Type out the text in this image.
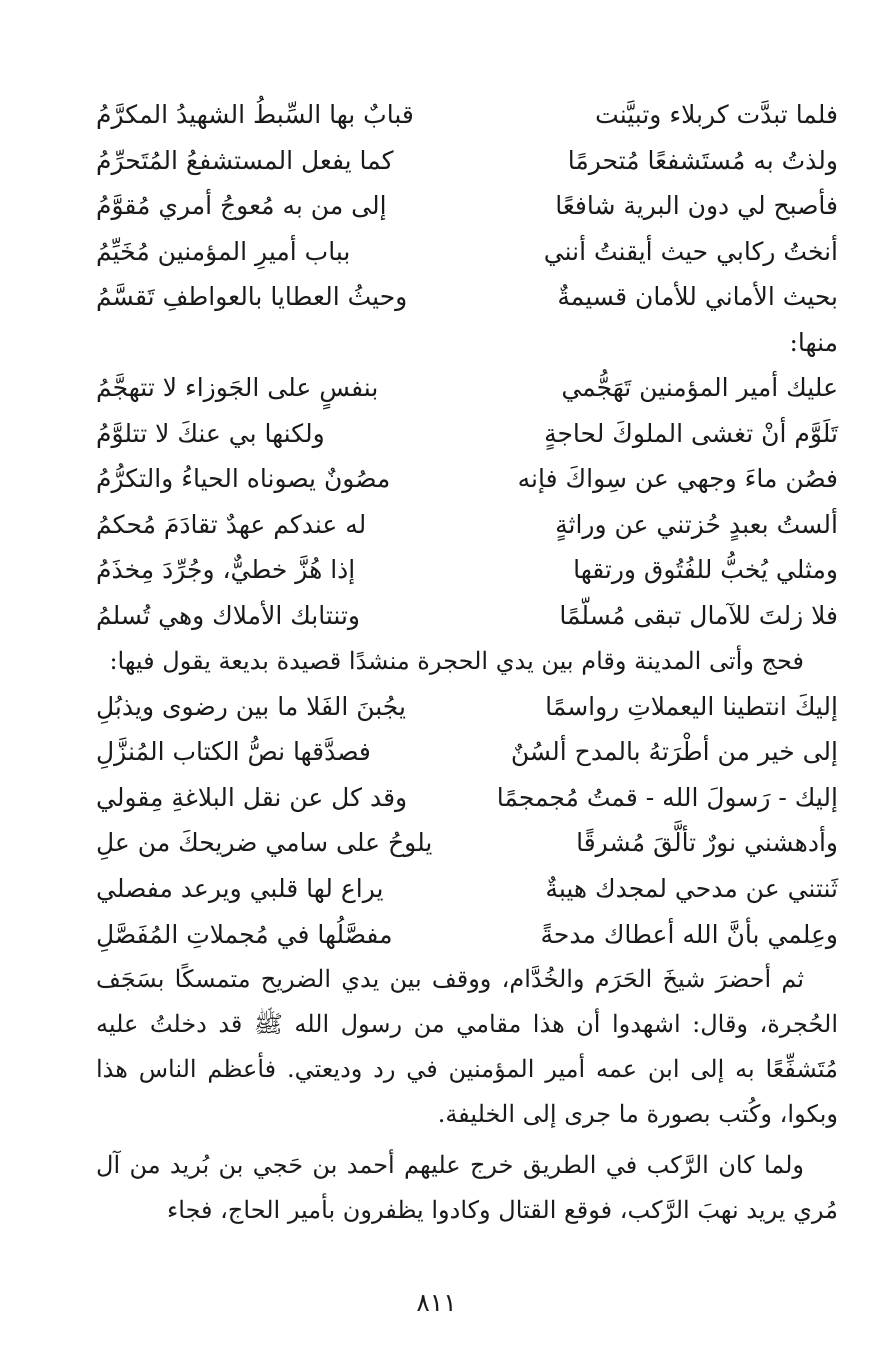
فلما تبدَّت كربلاء وتبيَّنت
قبابٌ بها السِّبطُ الشهيدُ المكرَّمُ
ولذتُ به مُستَشفعًا مُتحرمًا
كما يفعل المستشفعُ المُتَحرِّمُ
فأصبح لي دون البرية شافعًا
إلى من به مُعوجُ أمري مُقوَّمُ
أنختُ ركابي حيث أيقنتُ أنني
بباب أميرِ المؤمنين مُخَيِّمُ
بحيث الأماني للأمان قسيمةٌ
وحيثُ العطايا بالعواطفِ تَقسَّمُ
منها:
عليك أمير المؤمنين تَهَجُّمي
بنفسٍ على الجَوزاء لا تتهجَّمُ
تَلَوَّم أنْ تغشى الملوكَ لحاجةٍ
ولكنها بي عنكَ لا تتلوَّمُ
فصُن ماءَ وجهي عن سِواكَ فإنه
مصُونٌ يصوناه الحياءُ والتكرُّمُ
ألستُ بعبدٍ حُزتني عن وراثةٍ
له عندكم عهدٌ تقادَمَ مُحكمُ
ومثلي يُخبُّ للفُتُوق ورتقها
إذا هُزَّ خطيٌّ، وجُرِّدَ مِخذَمُ
فلا زلتَ للآمال تبقى مُسلّمًا
وتنتابك الأملاك وهي تُسلمُ

فحج وأتى المدينة وقام بين يدي الحجرة منشدًا قصيدة بديعة يقول فيها:

إليكَ انتطينا اليعملاتِ رواسمًا
يجُبنَ الفَلا ما بين رضوى ويذبُلِ
إلى خير من أطْرَتهُ بالمدح ألسُنٌ
فصدَّقها نصُّ الكتاب المُنزَّلِ
إليك - رَسولَ الله - قمتُ مُجمجمًا
وقد كل عن نقل البلاغةِ مِقولي
وأدهشني نورٌ تألَّقَ مُشرقًا
يلوحُ على سامي ضريحكَ من علِ
ثَنتني عن مدحي لمجدك هيبةٌ
يراع لها قلبي ويرعد مفصلي
وعِلمي بأنَّ الله أعطاك مدحةً
مفصَّلُها في مُجملاتِ المُفَصَّلِ

ثم أحضرَ شيخَ الحَرَم والخُدَّام، ووقف بين يدي الضريح متمسكًا بسَجَف الحُجرة، وقال: اشهدوا أن هذا مقامي من رسول الله ﷺ قد دخلتُ عليه مُتَشفِّعًا به إلى ابن عمه أمير المؤمنين في رد وديعتي. فأعظم الناس هذا وبكوا، وكُتب بصورة ما جرى إلى الخليفة.

ولما كان الرَّكب في الطريق خرج عليهم أحمد بن حَجي بن بُريد من آل مُري يريد نهبَ الرَّكب، فوقع القتال وكادوا يظفرون بأمير الحاج، فجاء

٨١١
